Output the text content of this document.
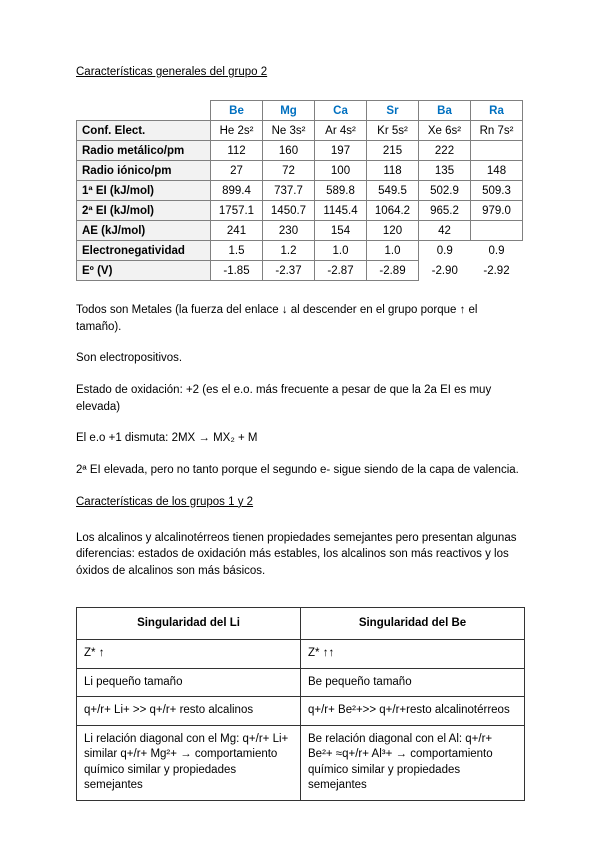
Características generales del grupo 2
	Be	Mg	Ca	Sr	Ba	Ra
Conf. Elect.	He 2s²	Ne 3s²	Ar 4s²	Kr 5s²	Xe 6s²	Rn 7s²
Radio metálico/pm	112	160	197	215	222	
Radio iónico/pm	27	72	100	118	135	148
1ª EI (kJ/mol)	899.4	737.7	589.8	549.5	502.9	509.3
2ª EI (kJ/mol)	1757.1	1450.7	1145.4	1064.2	965.2	979.0
AE (kJ/mol)	241	230	154	120	42	
Electronegatividad	1.5	1.2	1.0	1.0	0.9	0.9
Eº (V)	-1.85	-2.37	-2.87	-2.89	-2.90	-2.92

Todos son Metales (la fuerza del enlace ↓ al descender en el grupo porque ↑ el tamaño).

Son electropositivos.

Estado de oxidación: +2 (es el e.o. más frecuente a pesar de que la 2a EI es muy elevada)

El e.o +1 dismuta: 2MX → MX₂ + M

2ª EI elevada, pero no tanto porque el segundo e- sigue siendo de la capa de valencia.

Características de los grupos 1 y 2

Los alcalinos y alcalinotérreos tienen propiedades semejantes pero presentan algunas diferencias: estados de oxidación más estables, los alcalinos son más reactivos y los óxidos de alcalinos son más básicos.

Singularidad del Li	Singularidad del Be
Z* ↑	Z* ↑↑
Li pequeño tamaño	Be pequeño tamaño
q+/r+ Li+ >> q+/r+ resto alcalinos	q+/r+ Be²+>> q+/r+resto alcalinotérreos
Li relación diagonal con el Mg: q+/r+ Li+ similar q+/r+ Mg²+ → comportamiento químico similar y propiedades semejantes	Be relación diagonal con el Al: q+/r+ Be²+ ≈q+/r+ Al³+ → comportamiento químico similar y propiedades semejantes
